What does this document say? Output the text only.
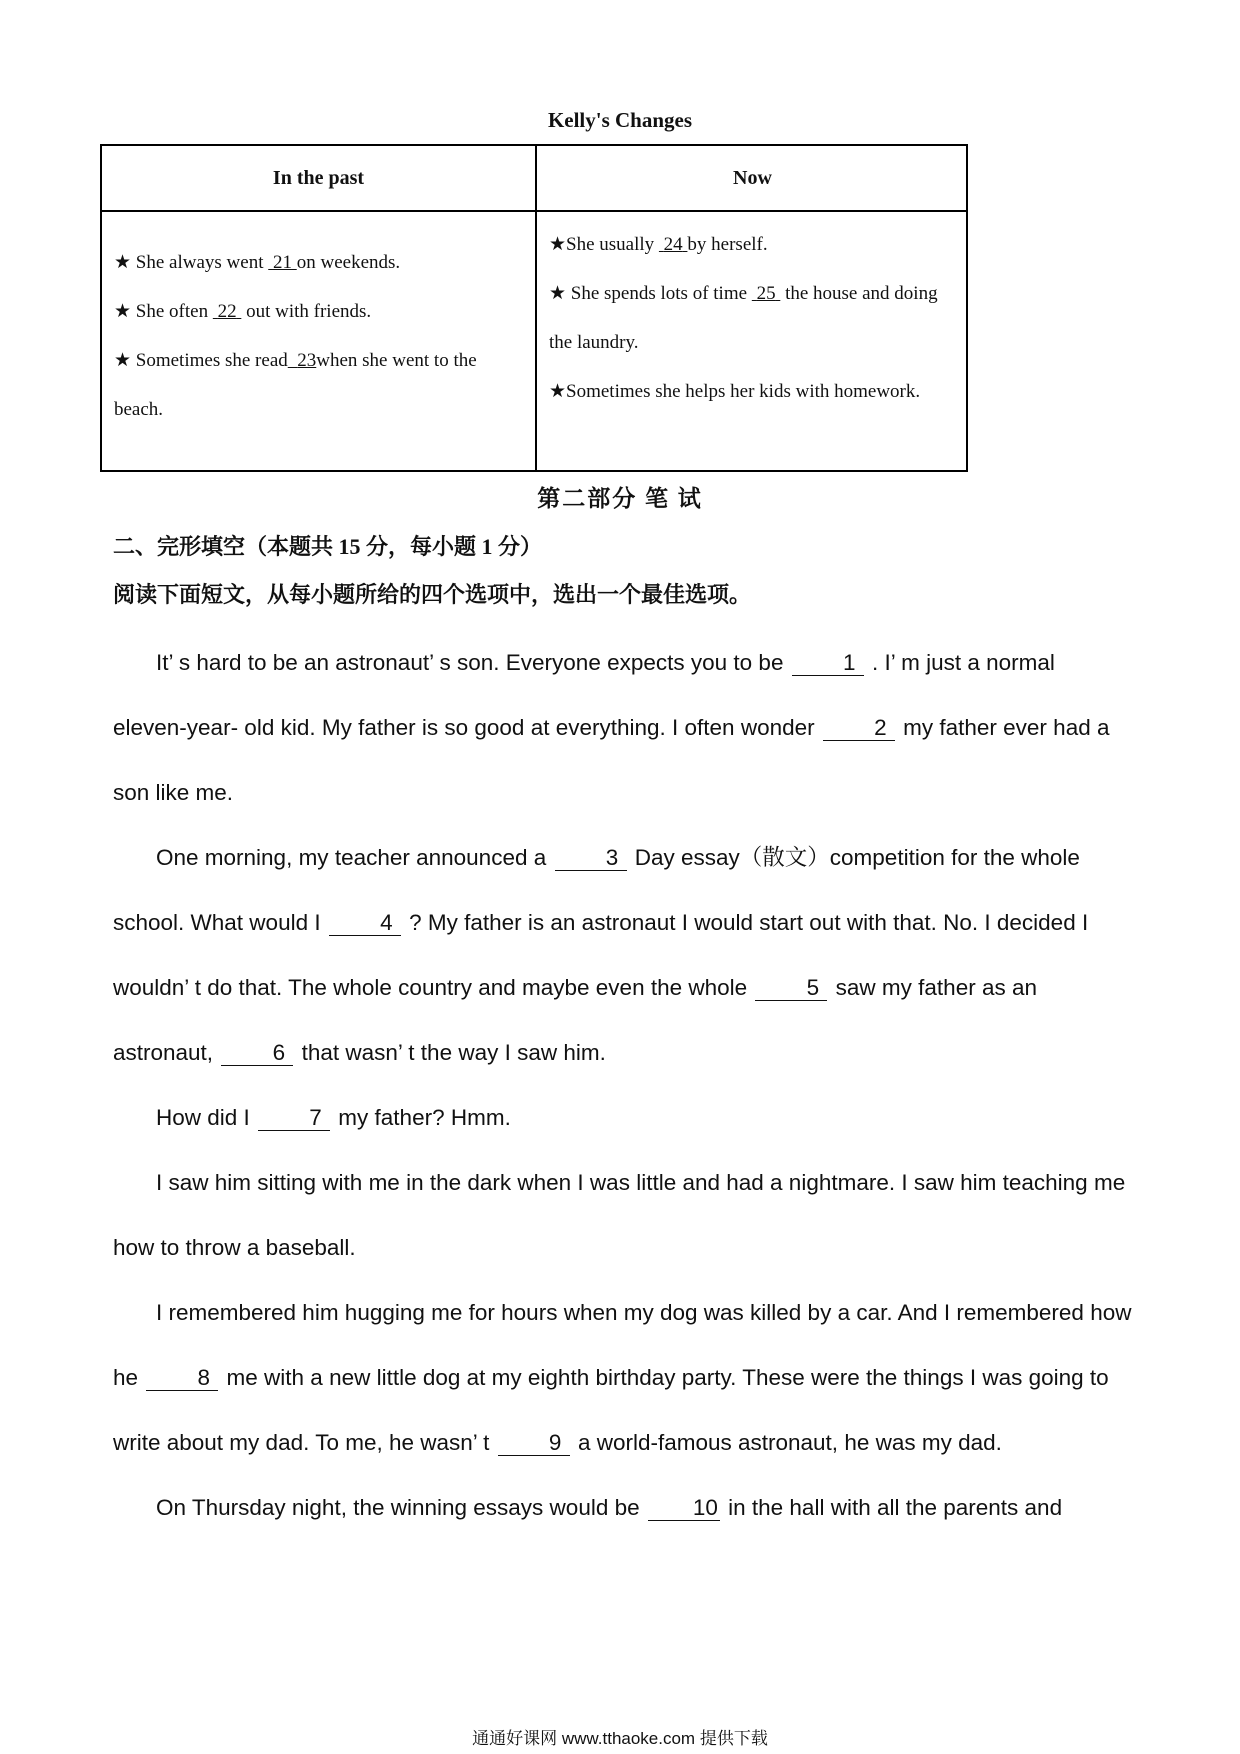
Kelly's Changes
In the past
★ She always went  21 on weekends.
★ She often  22  out with friends.
★ Sometimes she read 23when she went to the beach.
Now
★She usually  24 by herself.
★ She spends lots of time  25  the house and doing the laundry.
★Sometimes she helps her kids with homework.
第二部分 笔 试
二、完形填空（本题共 15 分，每小题 1 分）
阅读下面短文，从每小题所给的四个选项中，选出一个最佳选项。

It’ s hard to be an astronaut’ s son. Everyone expects you to be 1 . I’ m just a normal eleven-year- old kid. My father is so good at everything. I often wonder 2 my father ever had a son like me.

One morning, my teacher announced a 3 Day essay（散文）competition for the whole school. What would I 4 ? My father is an astronaut I would start out with that. No. I decided I wouldn’ t do that. The whole country and maybe even the whole 5 saw my father as an astronaut, 6 that wasn’ t the way I saw him.

How did I 7 my father? Hmm.

I saw him sitting with me in the dark when I was little and had a nightmare. I saw him teaching me how to throw a baseball.

I remembered him hugging me for hours when my dog was killed by a car. And I remembered how he 8 me with a new little dog at my eighth birthday party. These were the things I was going to write about my dad. To me, he wasn’ t 9 a world-famous astronaut, he was my dad.

On Thursday night, the winning essays would be 10 in the hall with all the parents and

通通好课网 www.tthaoke.com 提供下载
